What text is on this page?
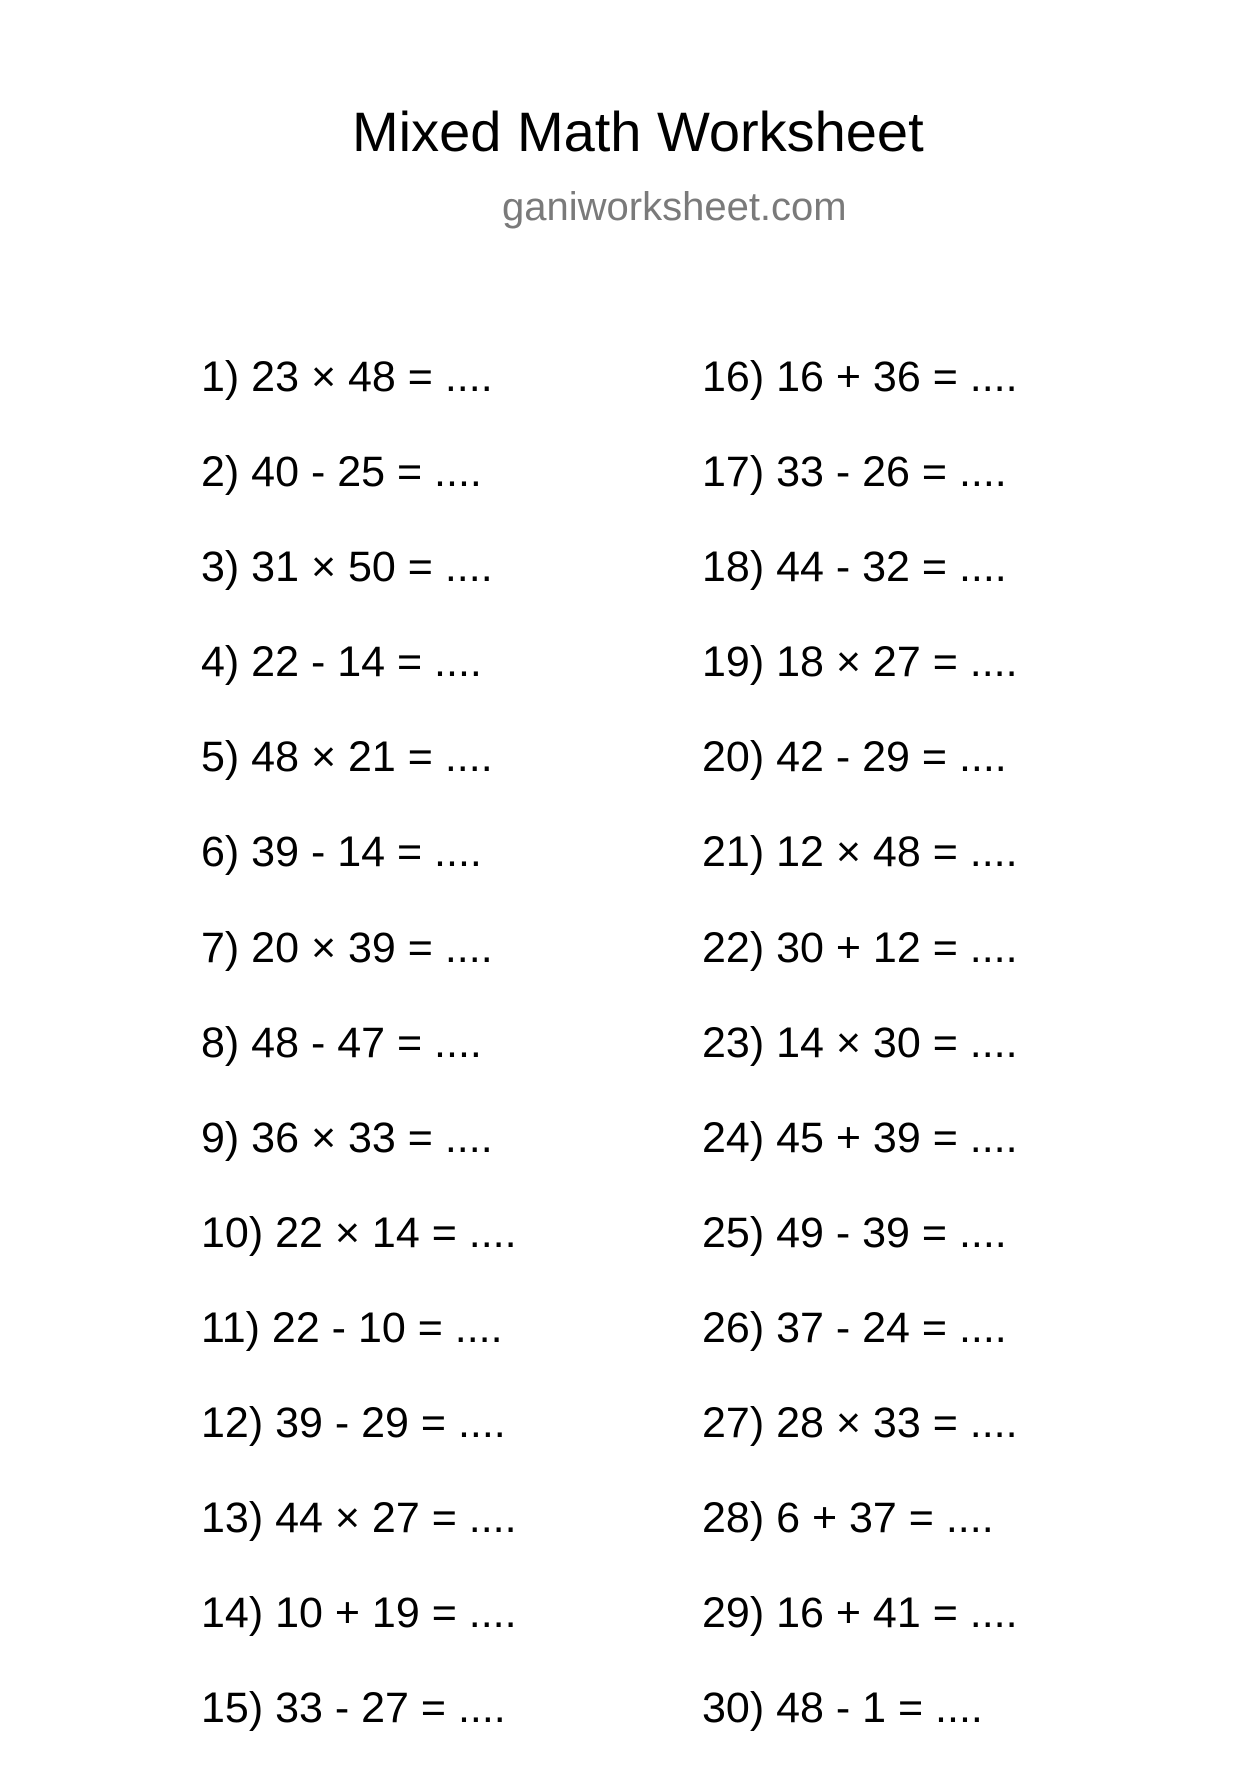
Mixed Math Worksheet
ganiworksheet.com
1) 23 × 48 = ....
2) 40 - 25 = ....
3) 31 × 50 = ....
4) 22 - 14 = ....
5) 48 × 21 = ....
6) 39 - 14 = ....
7) 20 × 39 = ....
8) 48 - 47 = ....
9) 36 × 33 = ....
10) 22 × 14 = ....
11) 22 - 10 = ....
12) 39 - 29 = ....
13) 44 × 27 = ....
14) 10 + 19 = ....
15) 33 - 27 = ....
16) 16 + 36 = ....
17) 33 - 26 = ....
18) 44 - 32 = ....
19) 18 × 27 = ....
20) 42 - 29 = ....
21) 12 × 48 = ....
22) 30 + 12 = ....
23) 14 × 30 = ....
24) 45 + 39 = ....
25) 49 - 39 = ....
26) 37 - 24 = ....
27) 28 × 33 = ....
28) 6 + 37 = ....
29) 16 + 41 = ....
30) 48 - 1 = ....
